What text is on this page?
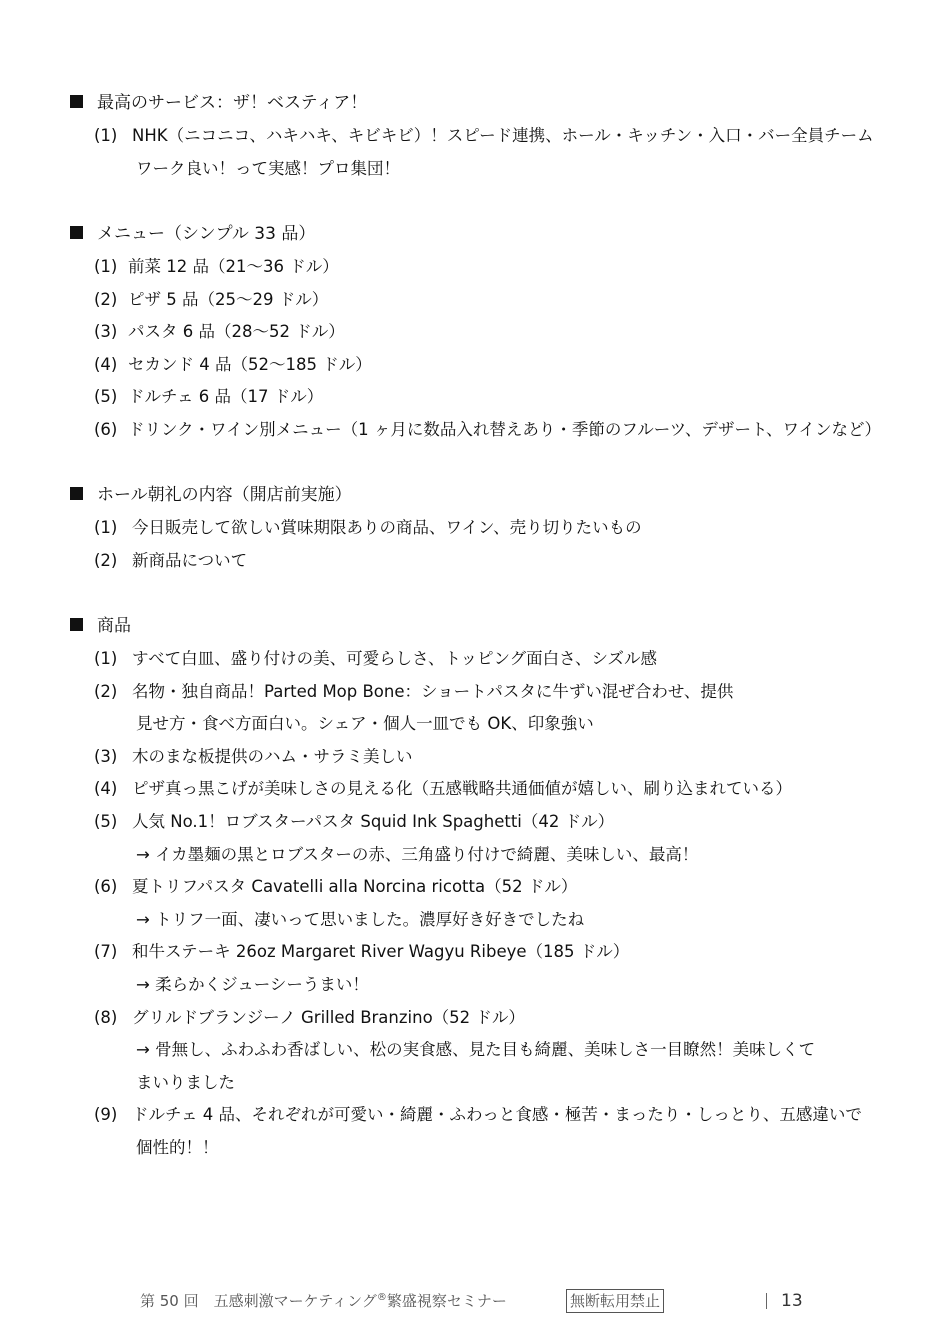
最高のサービス：ザ！ベスティア！
(1) NHK（ニコニコ、ハキハキ、キビキビ）！スピード連携、ホール・キッチン・入口・バー全員チーム
ワーク良い！って実感！プロ集団！
メニュー（シンプル 33 品）
(1) 前菜 12 品（21～36 ドル）
(2) ピザ 5 品（25～29 ドル）
(3) パスタ 6 品（28～52 ドル）
(4) セカンド 4 品（52～185 ドル）
(5) ドルチェ 6 品（17 ドル）
(6) ドリンク・ワイン別メニュー（1 ヶ月に数品入れ替えあり・季節のフルーツ、デザート、ワインなど）
ホール朝礼の内容（開店前実施）
(1) 今日販売して欲しい賞味期限ありの商品、ワイン、売り切りたいもの
(2) 新商品について
商品
(1) すべて白皿、盛り付けの美、可愛らしさ、トッピング面白さ、シズル感
(2) 名物・独自商品！Parted Mop Bone：ショートパスタに牛ずい混ぜ合わせ、提供
見せ方・食べ方面白い。シェア・個人一皿でも OK、印象強い
(3) 木のまな板提供のハム・サラミ美しい
(4) ピザ真っ黒こげが美味しさの見える化（五感戦略共通価値が嬉しい、刷り込まれている）
(5) 人気 No.1！ロブスターパスタ Squid Ink Spaghetti（42 ドル）
→ イカ墨麺の黒とロブスターの赤、三角盛り付けで綺麗、美味しい、最高！
(6) 夏トリフパスタ Cavatelli alla Norcina ricotta（52 ドル）
→ トリフ一面、凄いって思いました。濃厚好き好きでしたね
(7) 和牛ステーキ 26oz Margaret River Wagyu Ribeye（185 ドル）
→ 柔らかくジューシーうまい！
(8) グリルドブランジーノ Grilled Branzino（52 ドル）
→ 骨無し、ふわふわ香ばしい、松の実食感、見た目も綺麗、美味しさ一目瞭然！美味しくて
まいりました
(9) ドルチェ 4 品、それぞれが可愛い・綺麗・ふわっと食感・極苦・まったり・しっとり、五感違いで
個性的！！
第 50 回　五感刺激マーケティング®繁盛視察セミナー	無断転用禁止	13
